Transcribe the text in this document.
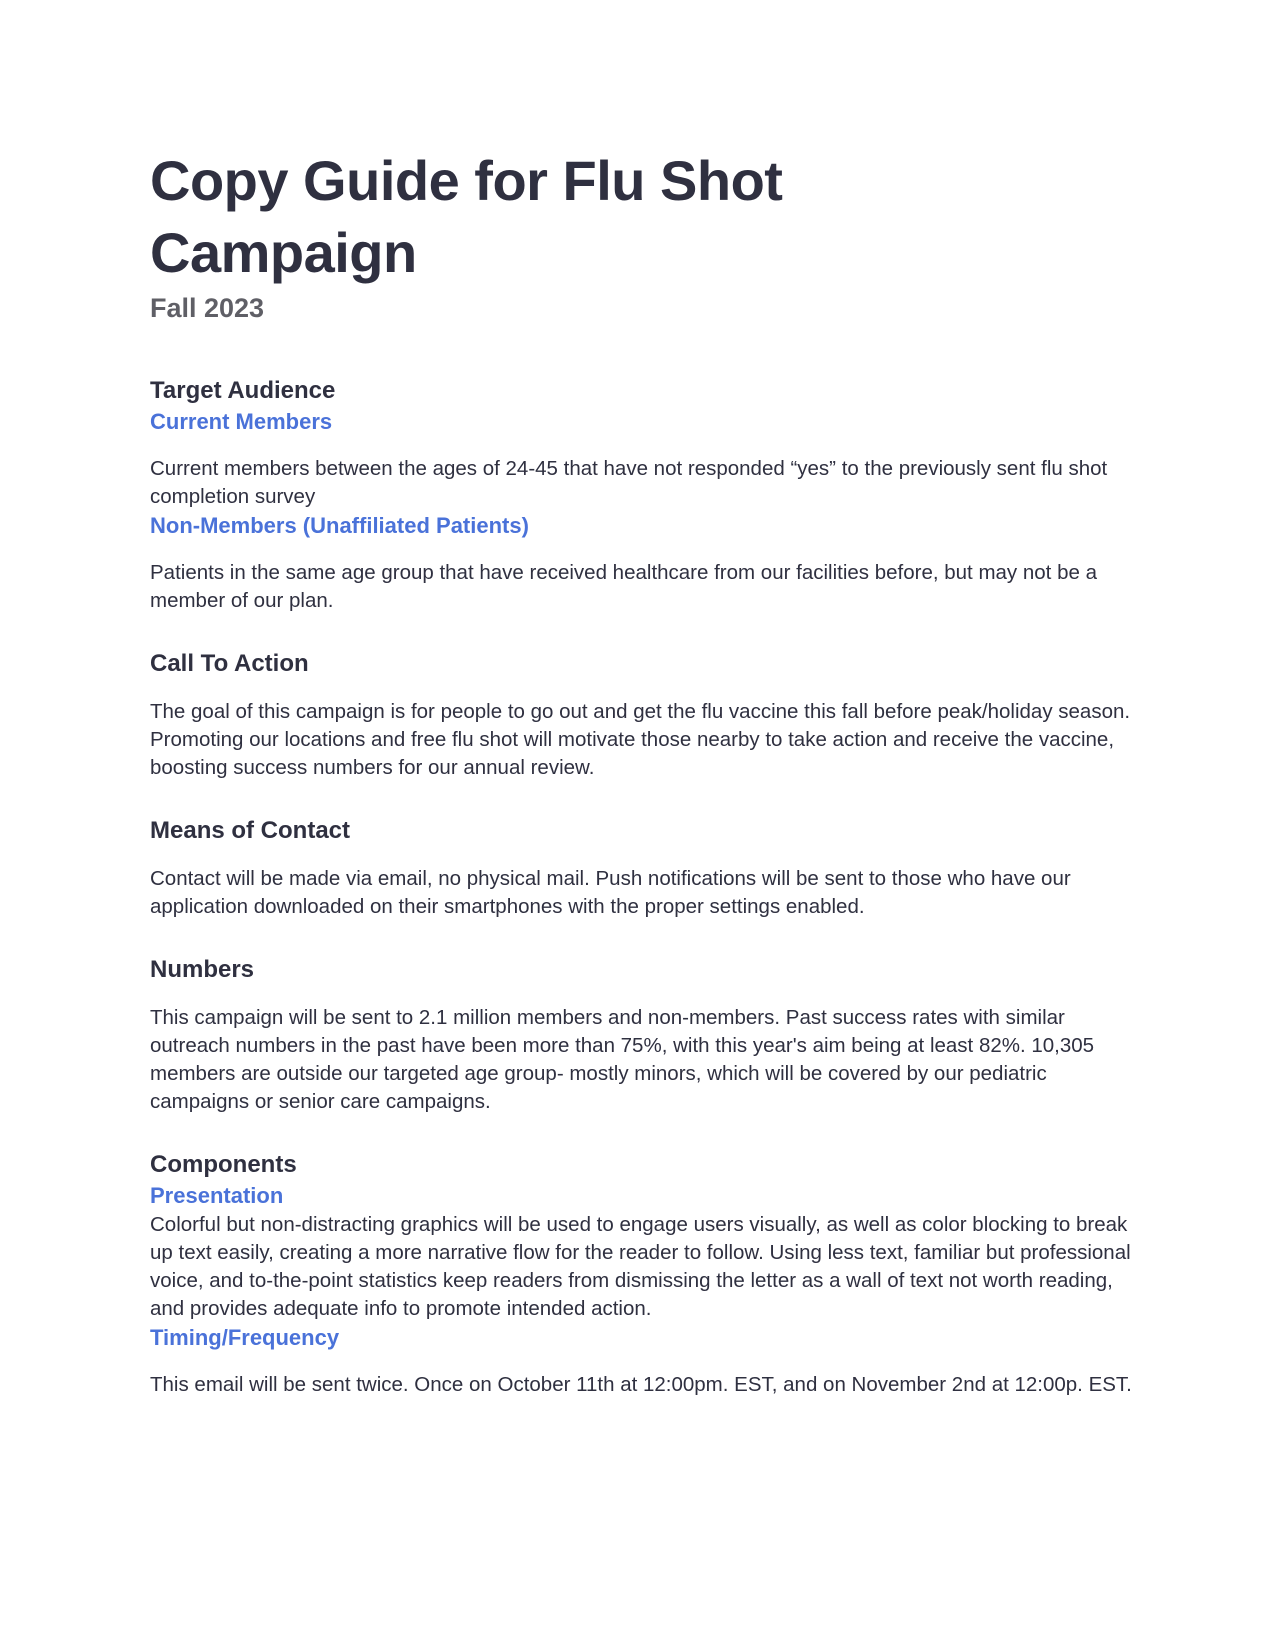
Copy Guide for Flu Shot Campaign
Fall 2023
Target Audience
Current Members

Current members between the ages of 24-45 that have not responded “yes” to the previously sent flu shot completion survey

Non-Members (Unaffiliated Patients)

Patients in the same age group that have received healthcare from our facilities before, but may not be a member of our plan.

Call To Action

The goal of this campaign is for people to go out and get the flu vaccine this fall before peak/holiday season. Promoting our locations and free flu shot will motivate those nearby to take action and receive the vaccine, boosting success numbers for our annual review.

Means of Contact

Contact will be made via email, no physical mail. Push notifications will be sent to those who have our application downloaded on their smartphones with the proper settings enabled.

Numbers

This campaign will be sent to 2.1 million members and non-members. Past success rates with similar outreach numbers in the past have been more than 75%, with this year's aim being at least 82%. 10,305 members are outside our targeted age group- mostly minors, which will be covered by our pediatric campaigns or senior care campaigns.

Components
Presentation

Colorful but non-distracting graphics will be used to engage users visually, as well as color blocking to break up text easily, creating a more narrative flow for the reader to follow. Using less text, familiar but professional voice, and to-the-point statistics keep readers from dismissing the letter as a wall of text not worth reading, and provides adequate info to promote intended action.

Timing/Frequency

This email will be sent twice. Once on October 11th at 12:00pm. EST, and on November 2nd at 12:00p. EST.
